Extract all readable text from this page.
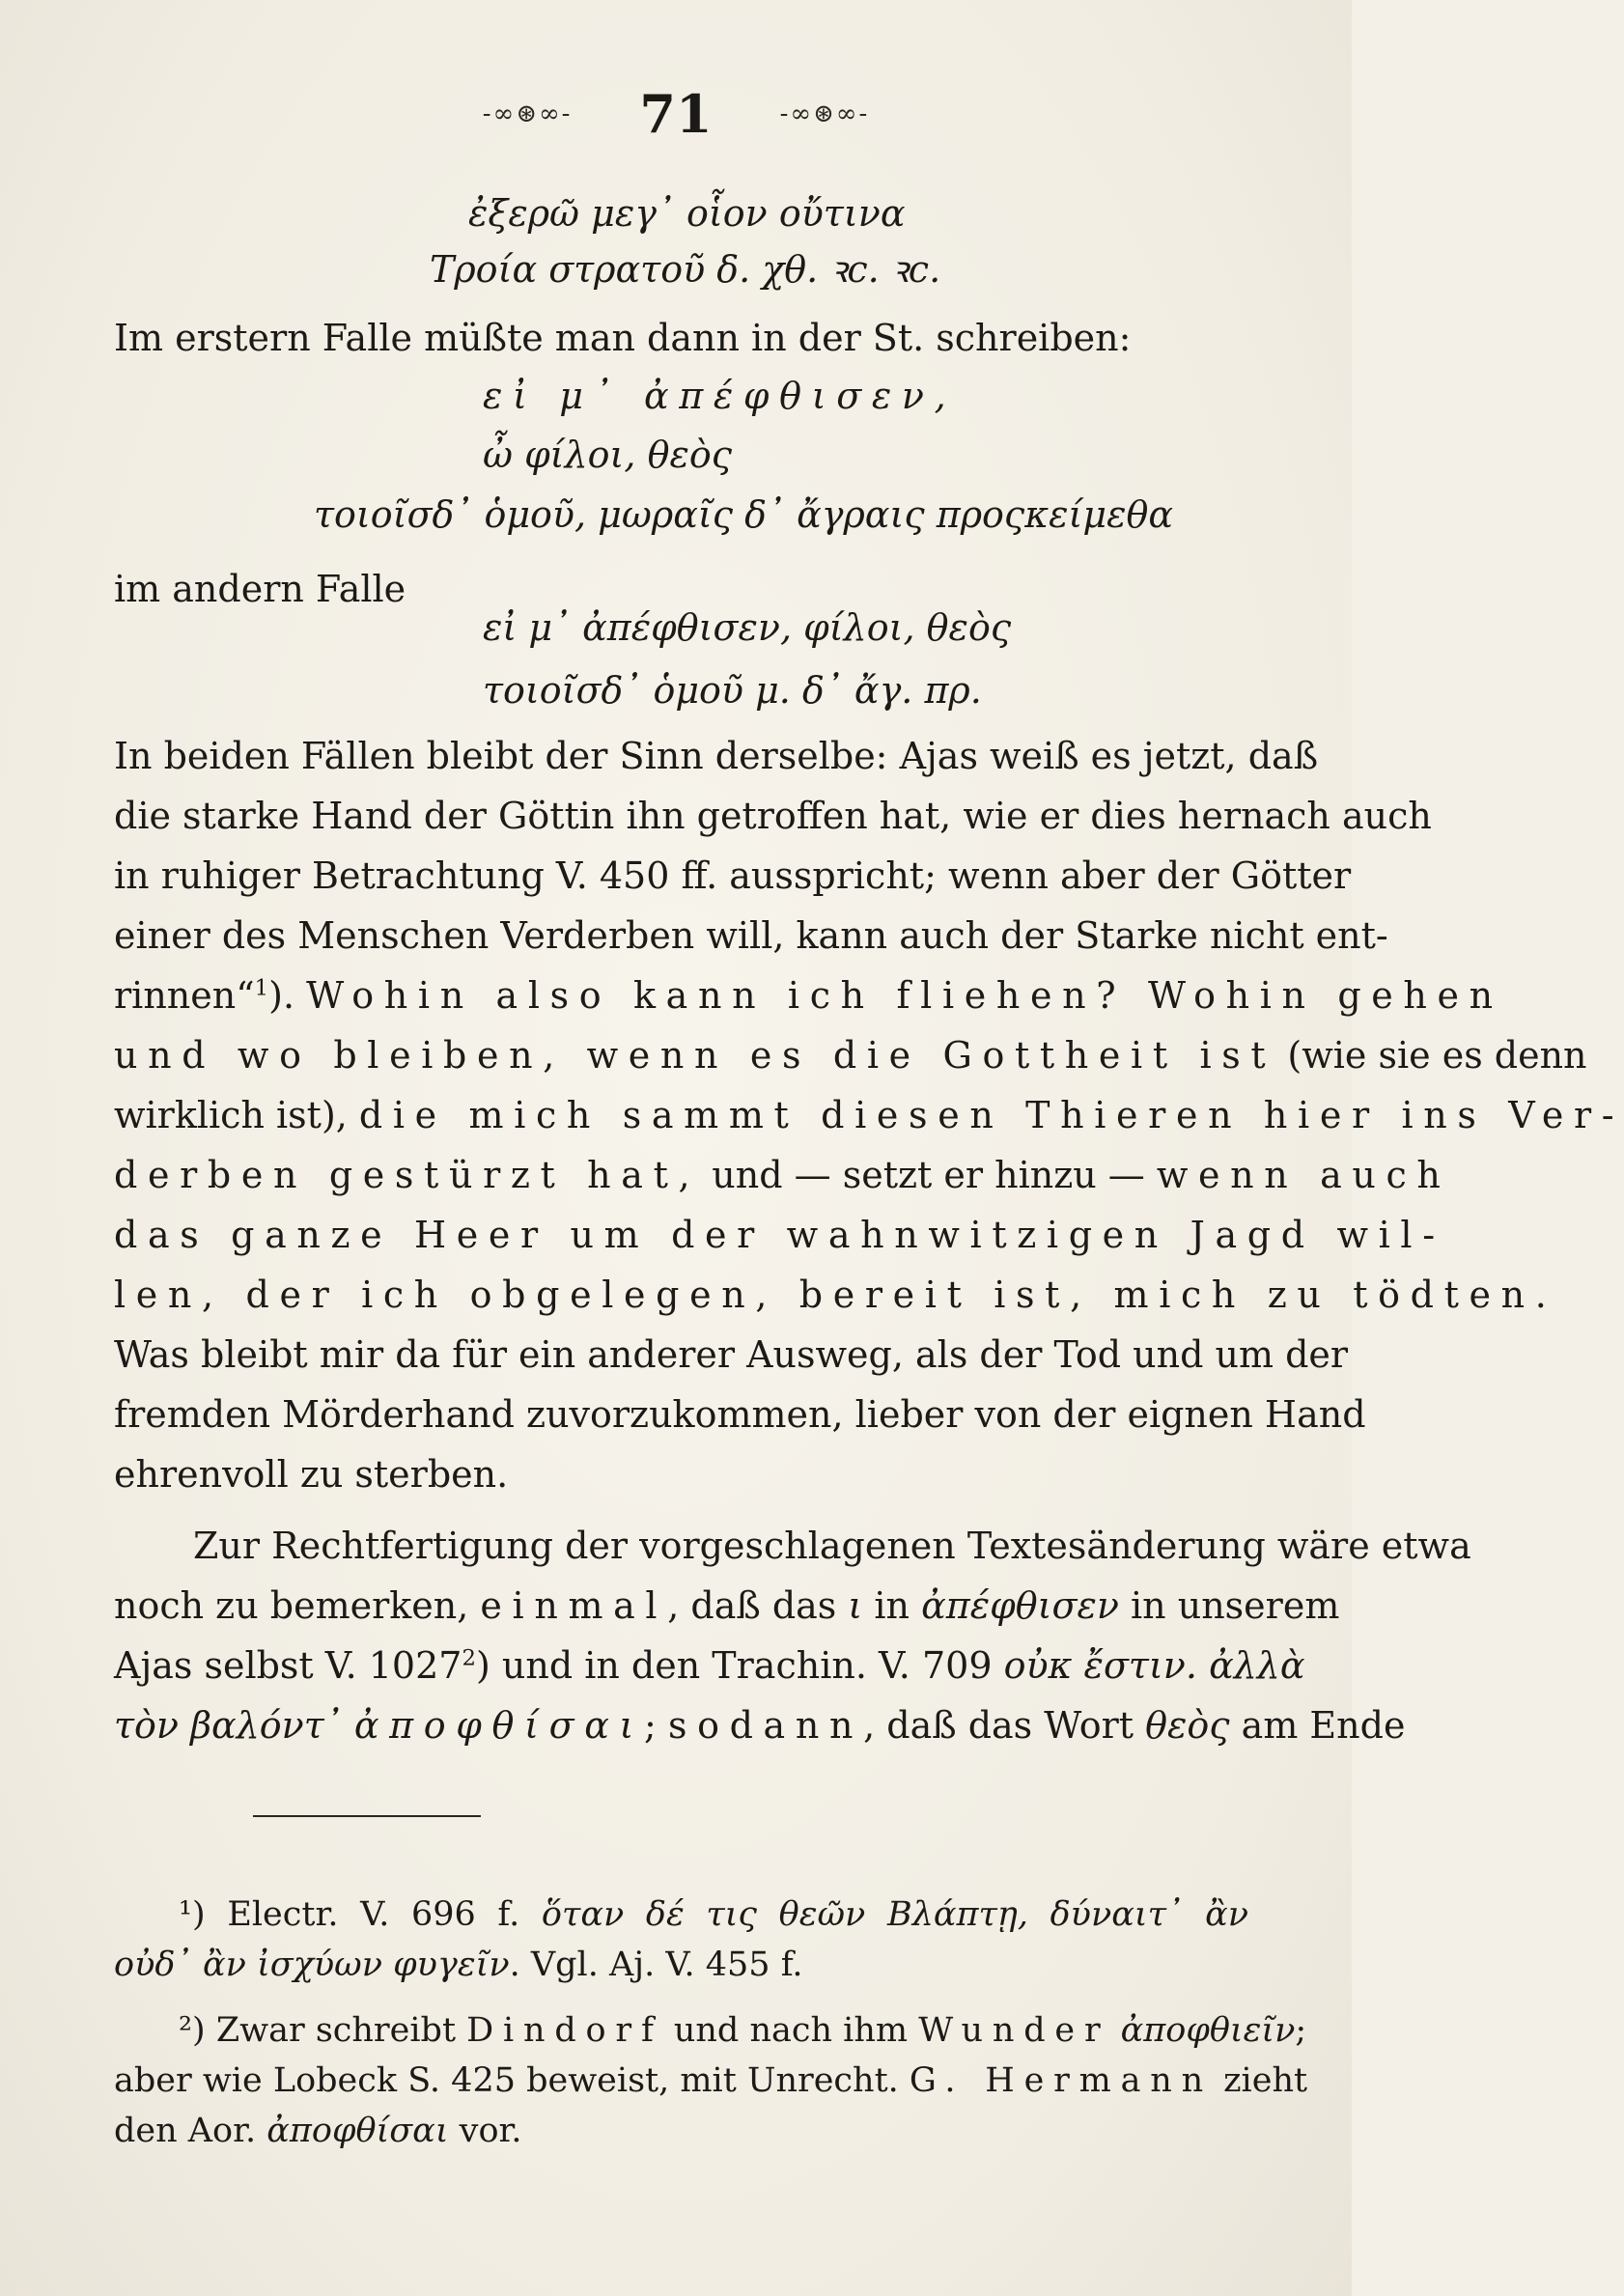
-∞⊛∞- 71	-∞⊛∞-
ἐξερῶ μεγ᾽ οἷον οὔτινα
Τροία στρατοῦ δ. χθ. ꝛc. ꝛc.
Im erstern Falle müßte man dann in der St. schreiben:
εἰ μ᾽ ἀπέφθισεν,
ὦ φίλοι, θεὸς
τοιοῖσδ᾽ ὁμοῦ, μωραῖς δ᾽ ἄγραις προςκείμεθα
im andern Falle
εἰ μ᾽ ἀπέφθισεν, φίλοι, θεὸς
τοιοῖσδ᾽ ὁμοῦ μ. δ᾽ ἄγ. πρ.
In beiden Fällen bleibt der Sinn derselbe: Ajas weiß es jetzt, daß
die starke Hand der Göttin ihn getroffen hat, wie er dies hernach auch
in ruhiger Betrachtung V. 450 ff. ausspricht; wenn aber der Götter
einer des Menschen Verderben will, kann auch der Starke nicht ent-
rinnen“$^1$). Wohin also kann ich fliehen? Wohin gehen
und wo bleiben, wenn es die Gottheit ist (wie sie es denn
wirklich ist), die mich sammt diesen Thieren hier ins Ver-
derben gestürzt hat, und — setzt er hinzu — wenn auch
das ganze Heer um der wahnwitzigen Jagd wil-
len, der ich obgelegen, bereit ist, mich zu tödten.
Was bleibt mir da für ein anderer Ausweg, als der Tod und um der
fremden Mörderhand zuvorzukommen, lieber von der eignen Hand
ehrenvoll zu sterben.
Zur Rechtfertigung der vorgeschlagenen Textesänderung wäre etwa
noch zu bemerken, einmal, daß das ι in ἀπέφθισεν in unserem
Ajas selbst V. 1027$^2$) und in den Trachin. V. 709 οὐκ ἔστιν. ἀλλὰ
τὸν βαλόντ᾽ ἀποφθίσαι; sodann, daß das Wort θεὸς am Ende
¹) Electr. V. 696 f. ὅταν δέ τις θεῶν Βλάπτῃ, δύναιτ᾽ ἂν
οὐδ᾽ ἂν ἰσχύων φυγεῖν. Vgl. Aj. V. 455 f.
²) Zwar schreibt Dindorf und nach ihm Wunder ἀποφθιεῖν;
aber wie Lobeck S. 425 beweist, mit Unrecht. G. Hermann zieht
den Aor. ἀποφθίσαι vor.
